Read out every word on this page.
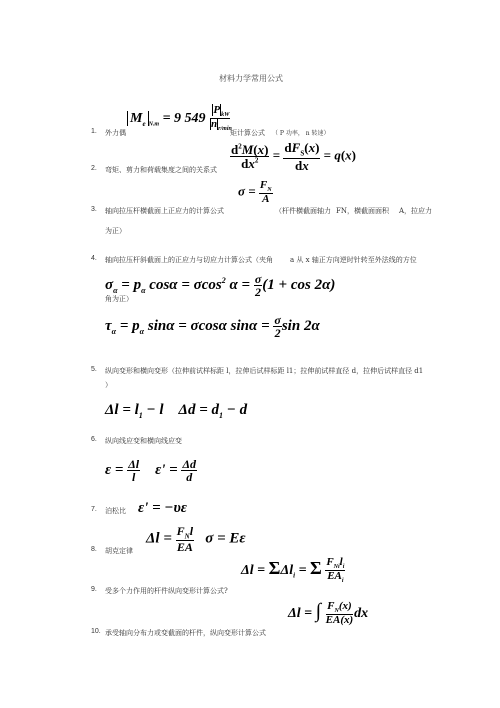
材料力学常用公式
$M_e$ $_{N.m}$ = 9 $549 \frac{P_{kW}}{n_{r/min}}$
1. 外力偶	矩计算公式 （ P 功率， n 转速）
$\frac{d^2M(x)}{dx^2} = \frac{dF_S(x)}{dx} = q(x)$
2. 弯矩、剪力和荷载集度之间的关系式
$\sigma = \frac{F_N}{A}$
3. 轴向拉压杆横截面上正应力的计算公式	（杆件横截面轴力 FN，横截面面积 A，拉应力
为正）
4. 轴向拉压杆斜截面上的正应力与切应力计算公式（夹角 a 从 x 轴正方向逆时针转至外法线的方位
$\sigma_\alpha = p_\alpha$ cosα = σcos$^2$ $\alpha = \frac{\sigma}{2} (1 + \cos 2\alpha)$
角为正）
$\tau_\alpha = p_\alpha$ sinα = σcosα $\sin\alpha = \frac{\sigma}{2}$ sin 2α
5. 纵向变形和横向变形（拉伸前试样标距 l，拉伸后试样标距 l1；拉伸前试样直径 d，拉伸后试样直径 d1
）
$\Delta l = l_1 - l$    $\Delta d = d_1 - d$
6. 纵向线应变和横向线应变
$\varepsilon = \frac{\Delta l}{l} \varepsilon' = \frac{\Delta d}{d}$
ε' = −υε
7. 泊松比
$\Delta l = \frac{F_Nl}{EA}$ σ = Eε
8. 胡克定律
Δl = ΣΔl$_i$ = Σ $\frac{F_{Ni}l_i}{EA_i}$
9. 受多个力作用的杆件纵向变形计算公式?
Δl = ∫ $\frac{F_N(x)}{EA(x)}$ dx
10. 承受轴向分布力或变截面的杆件，纵向变形计算公式
